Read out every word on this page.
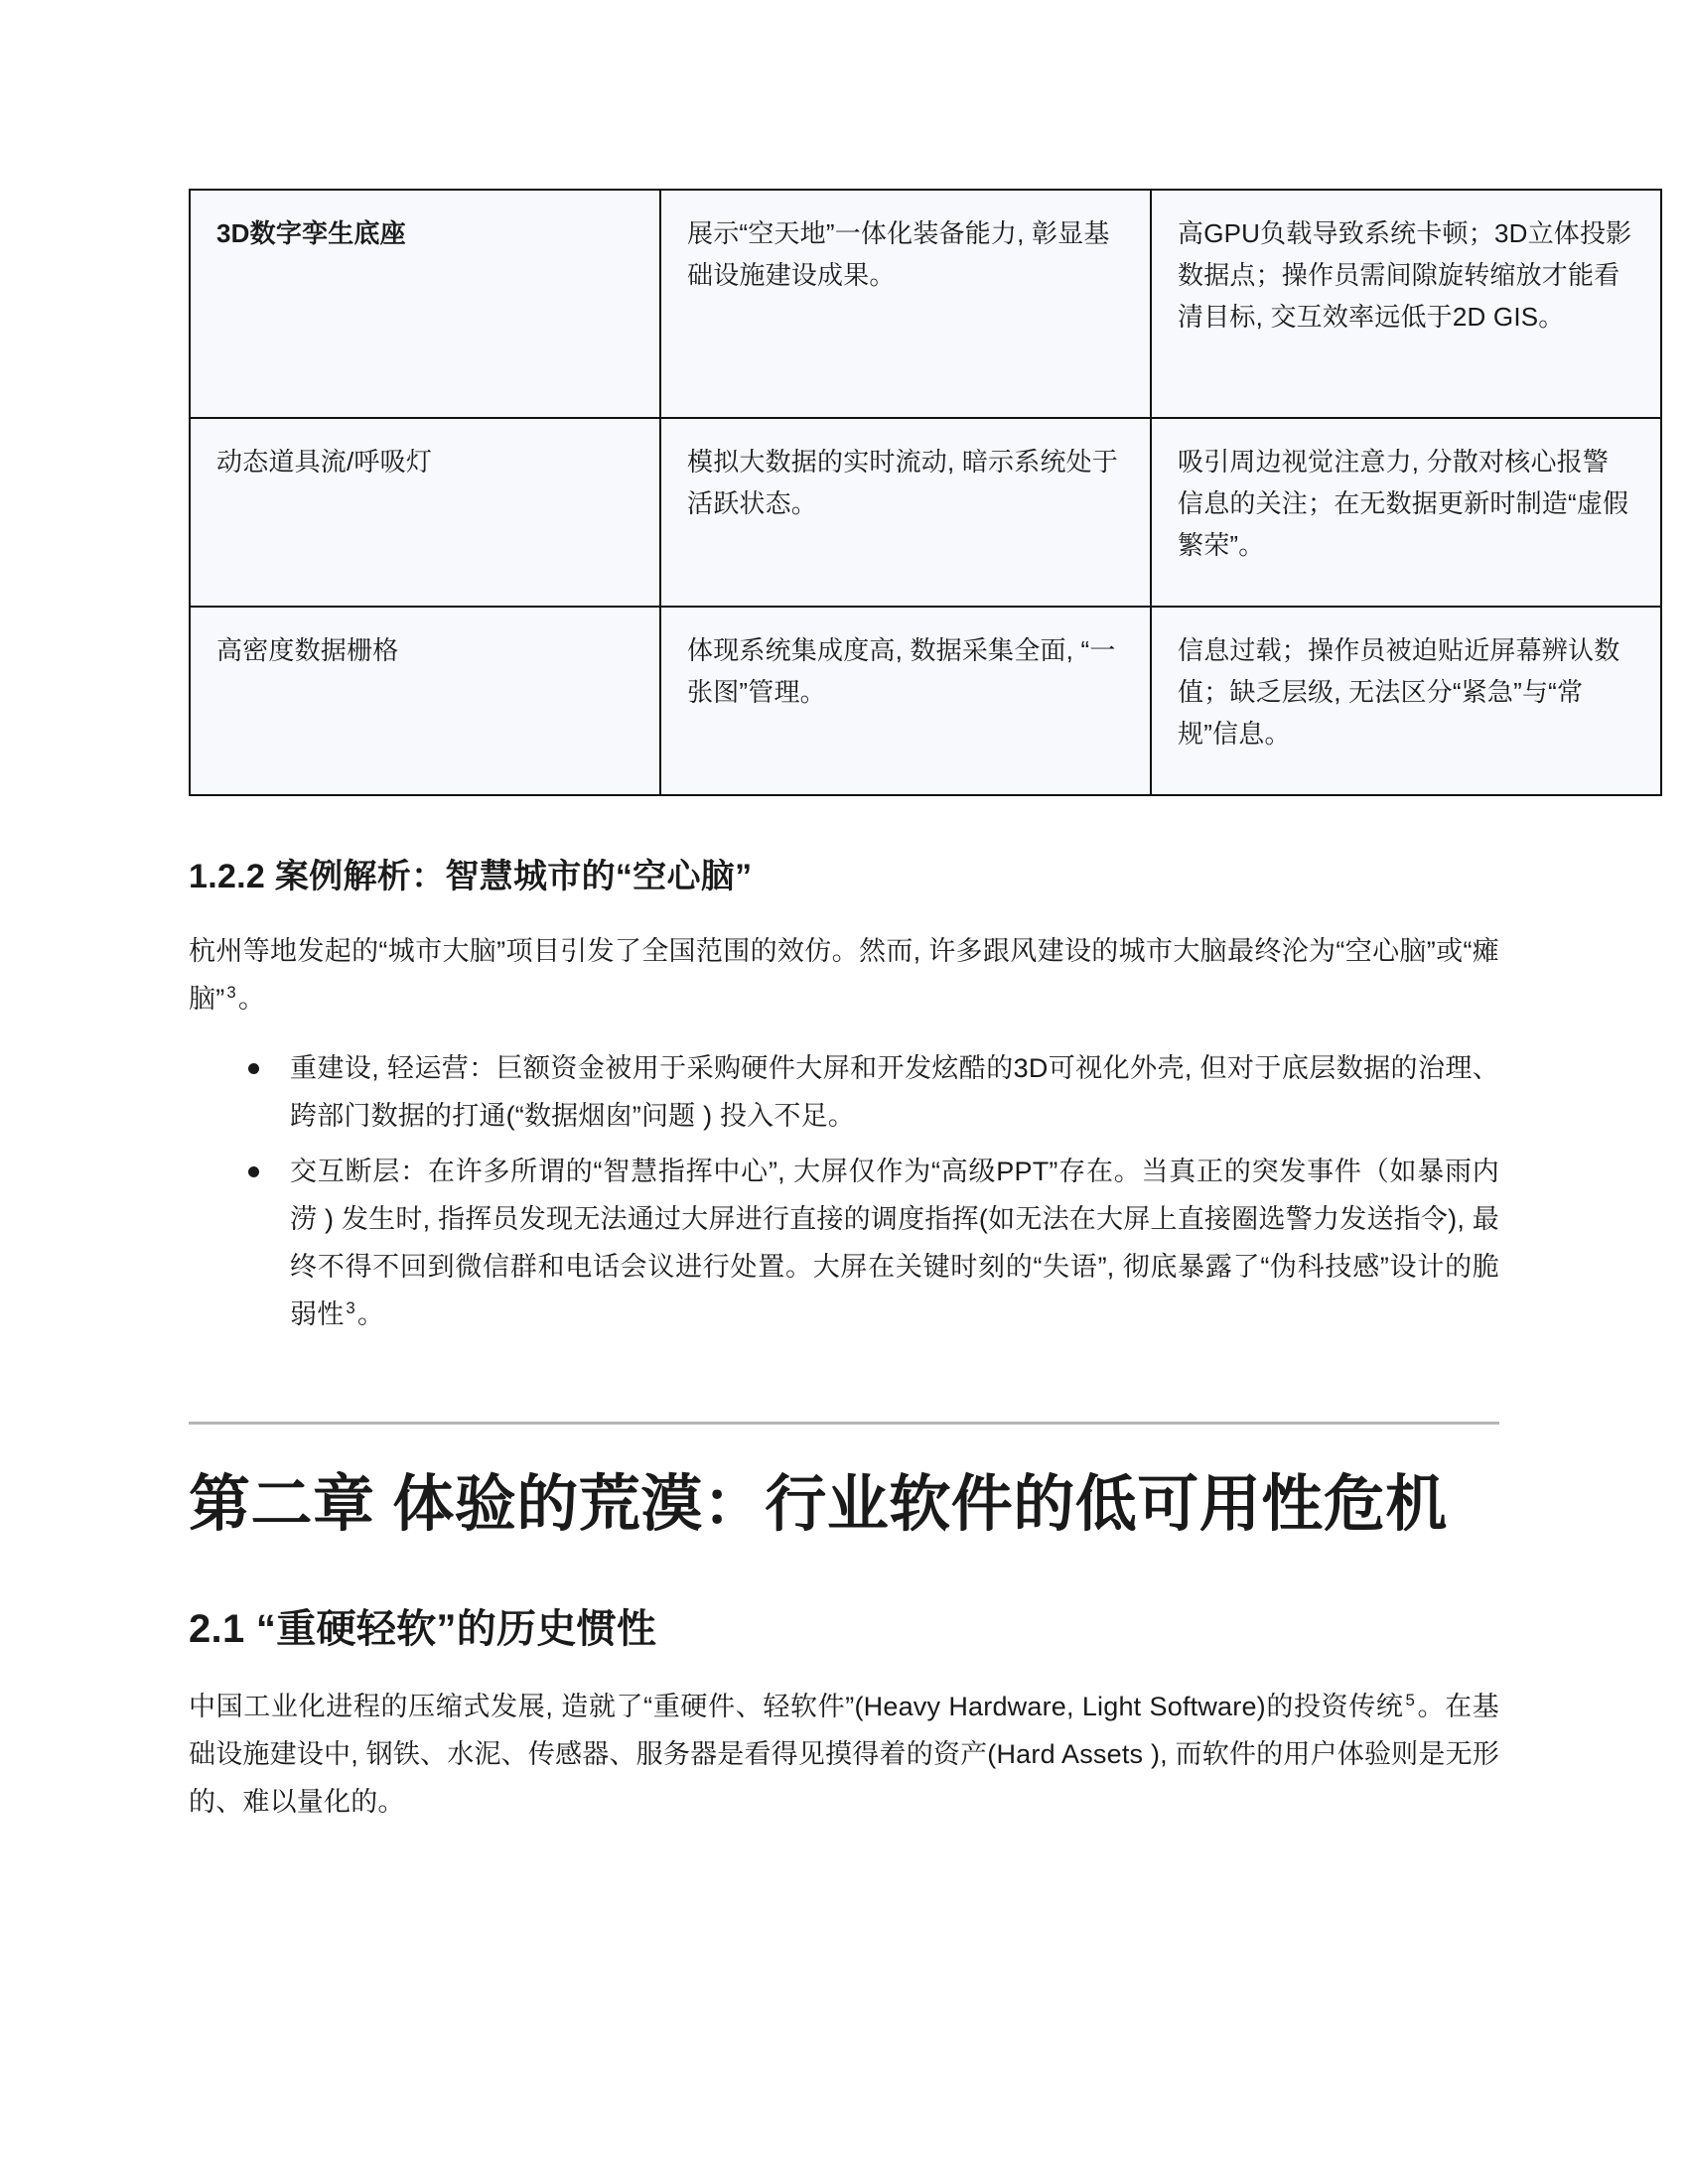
3D数字孪生底座	展示“空天地”一体化装备能力, 彰显基础设施建设成果。	高GPU负载导致系统卡顿；3D立体投影数据点；操作员需间隙旋转缩放才能看清目标, 交互效率远低于2D GIS。
动态道具流/呼吸灯	模拟大数据的实时流动, 暗示系统处于活跃状态。	吸引周边视觉注意力, 分散对核心报警信息的关注；在无数据更新时制造“虚假繁荣”。
高密度数据栅格	体现系统集成度高, 数据采集全面, “一张图”管理。	信息过载；操作员被迫贴近屏幕辨认数值；缺乏层级, 无法区分“紧急”与“常规”信息。
1.2.2 案例解析：智慧城市的“空心脑”

杭州等地发起的“城市大脑”项目引发了全国范围的效仿。然而, 许多跟风建设的城市大脑最终沦为“空心脑”或“瘫脑” $^3$。

重建设, 轻运营：巨额资金被用于采购硬件大屏和开发炫酷的3D可视化外壳, 但对于底层数据的治理、跨部门数据的打通(“数据烟囱”问题 ) 投入不足。
交互断层：在许多所谓的“智慧指挥中心”, 大屏仅作为“高级PPT”存在。当真正的突发事件（如暴雨内涝 ) 发生时, 指挥员发现无法通过大屏进行直接的调度指挥(如无法在大屏上直接圈选警力发送指令), 最终不得不回到微信群和电话会议进行处置。大屏在关键时刻的“失语”, 彻底暴露了“伪科技感”设计的脆弱性 $^3$。
第二章 体验的荒漠：行业软件的低可用性危机
2.1 “重硬轻软”的历史惯性

中国工业化进程的压缩式发展, 造就了“重硬件、轻软件”(Heavy Hardware, Light Software)的投资传统 $^5$。在基础设施建设中, 钢铁、水泥、传感器、服务器是看得见摸得着的资产(Hard Assets ), 而软件的用户体验则是无形的、难以量化的。
